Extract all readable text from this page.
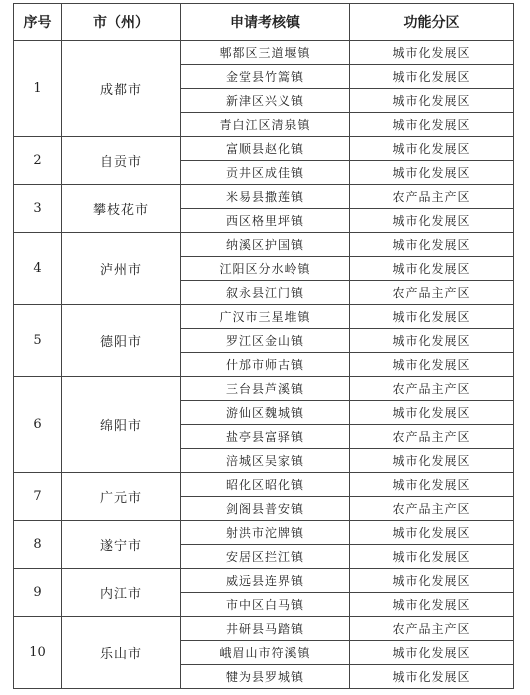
序号	市（州）	申请考核镇	功能分区
1	成都市	郫都区三道堰镇	城市化发展区
		金堂县竹篙镇	城市化发展区
		新津区兴义镇	城市化发展区
		青白江区清泉镇	城市化发展区
2	自贡市	富顺县赵化镇	城市化发展区
		贡井区成佳镇	城市化发展区
3	攀枝花市	米易县撒莲镇	农产品主产区
		西区格里坪镇	城市化发展区
4	泸州市	纳溪区护国镇	城市化发展区
		江阳区分水岭镇	城市化发展区
		叙永县江门镇	农产品主产区
5	德阳市	广汉市三星堆镇	城市化发展区
		罗江区金山镇	城市化发展区
		什邡市师古镇	城市化发展区
6	绵阳市	三台县芦溪镇	农产品主产区
		游仙区魏城镇	城市化发展区
		盐亭县富驿镇	农产品主产区
		涪城区吴家镇	城市化发展区
7	广元市	昭化区昭化镇	城市化发展区
		剑阁县普安镇	农产品主产区
8	遂宁市	射洪市沱牌镇	城市化发展区
		安居区拦江镇	城市化发展区
9	内江市	威远县连界镇	城市化发展区
		市中区白马镇	城市化发展区
10	乐山市	井研县马踏镇	农产品主产区
		峨眉山市符溪镇	城市化发展区
		犍为县罗城镇	城市化发展区
